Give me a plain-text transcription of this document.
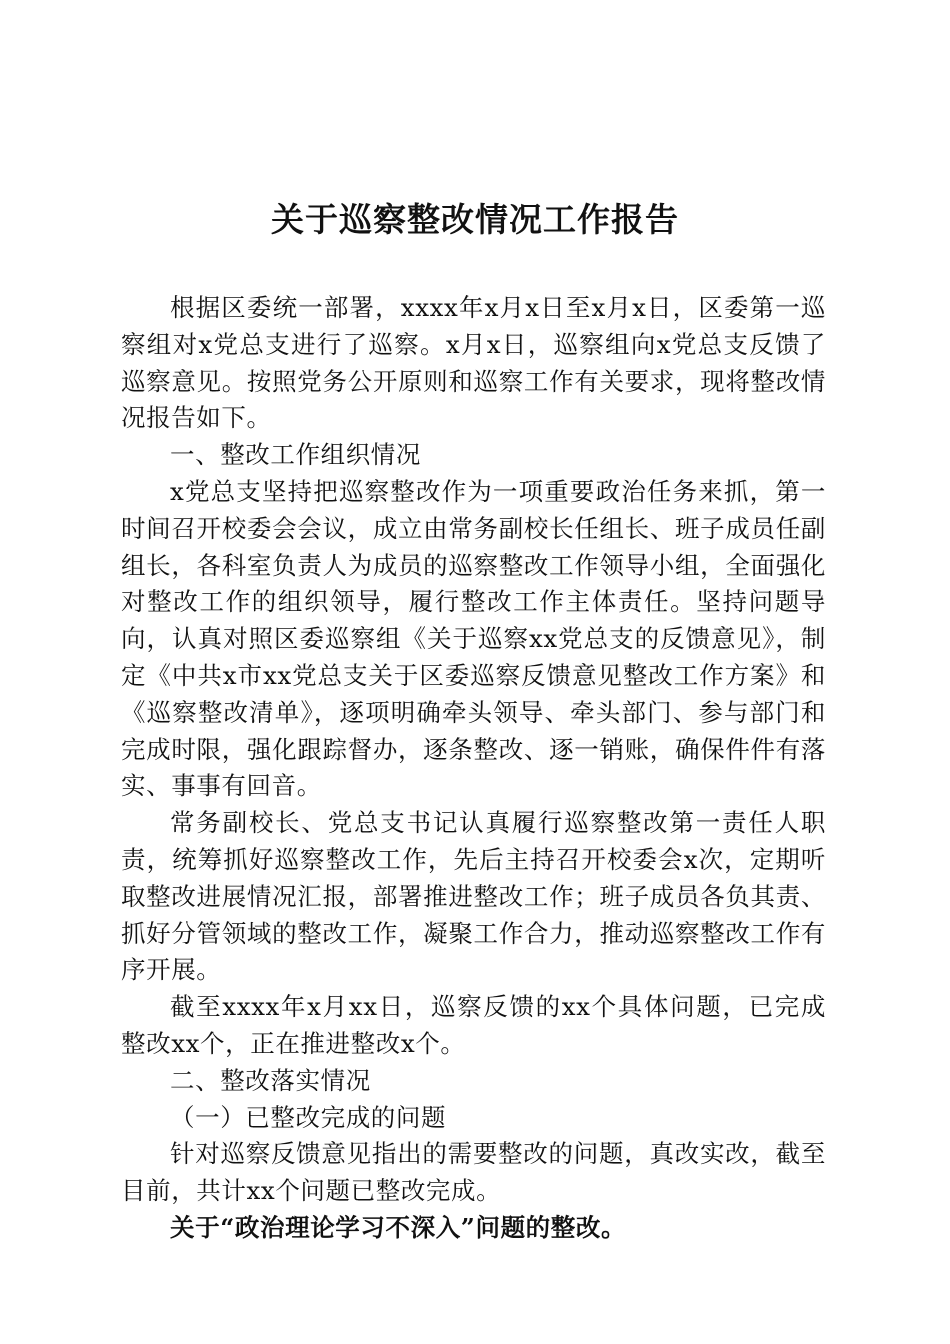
关于巡察整改情况工作报告

根据区委统一部署，xxxx年x月x日至x月x日，区委第一巡察组对x党总支进行了巡察。x月x日，巡察组向x党总支反馈了巡察意见。按照党务公开原则和巡察工作有关要求，现将整改情况报告如下。

一、整改工作组织情况

x党总支坚持把巡察整改作为一项重要政治任务来抓，第一时间召开校委会会议，成立由常务副校长任组长、班子成员任副组长，各科室负责人为成员的巡察整改工作领导小组，全面强化对整改工作的组织领导，履行整改工作主体责任。坚持问题导向，认真对照区委巡察组《关于巡察xx党总支的反馈意见》，制定《中共x市xx党总支关于区委巡察反馈意见整改工作方案》和《巡察整改清单》，逐项明确牵头领导、牵头部门、参与部门和完成时限，强化跟踪督办，逐条整改、逐一销账，确保件件有落实、事事有回音。

常务副校长、党总支书记认真履行巡察整改第一责任人职责，统筹抓好巡察整改工作，先后主持召开校委会x次，定期听取整改进展情况汇报，部署推进整改工作；班子成员各负其责、抓好分管领域的整改工作，凝聚工作合力，推动巡察整改工作有序开展。

截至xxxx年x月xx日，巡察反馈的xx个具体问题，已完成整改xx个，正在推进整改x个。

二、整改落实情况

（一）已整改完成的问题

针对巡察反馈意见指出的需要整改的问题，真改实改，截至目前，共计xx个问题已整改完成。

关于“政治理论学习不深入”问题的整改。
